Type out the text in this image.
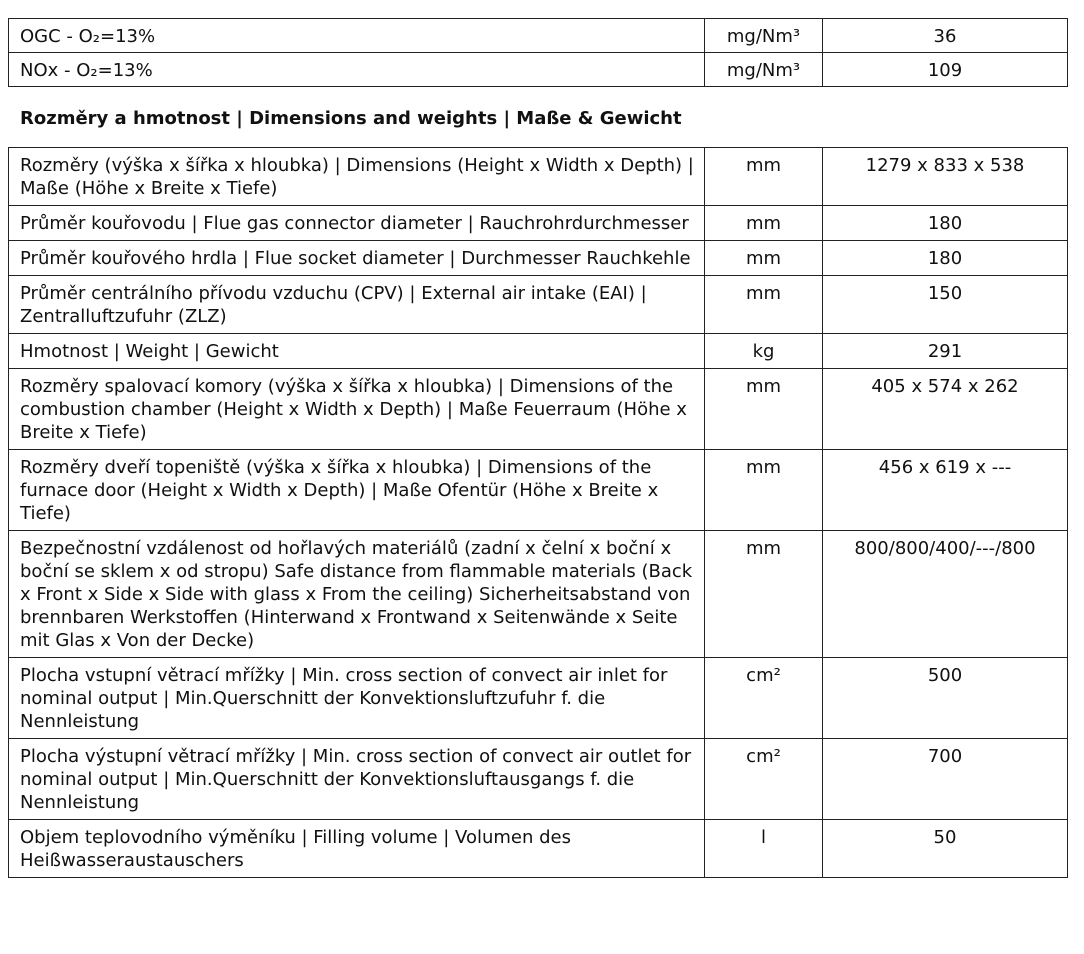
OGC - O₂=13%	mg/Nm³	36
NOx - O₂=13%	mg/Nm³	109
Rozměry a hmotnost | Dimensions and weights | Maße & Gewicht
Rozměry (výška x šířka x hloubka) | Dimensions (Height x Width x Depth) | Maße (Höhe x Breite x Tiefe)	mm	1279 x 833 x 538
Průměr kouřovodu | Flue gas connector diameter | Rauchrohrdurchmesser	mm	180
Průměr kouřového hrdla | Flue socket diameter | Durchmesser Rauchkehle	mm	180
Průměr centrálního přívodu vzduchu (CPV) | External air intake (EAI) | Zentralluftzufuhr (ZLZ)	mm	150
Hmotnost | Weight | Gewicht	kg	291
Rozměry spalovací komory (výška x šířka x hloubka) | Dimensions of the combustion chamber (Height x Width x Depth) | Maße Feuerraum (Höhe x Breite x Tiefe)	mm	405 x 574 x 262
Rozměry dveří topeniště (výška x šířka x hloubka) | Dimensions of the furnace door (Height x Width x Depth) | Maße Ofentür (Höhe x Breite x Tiefe)	mm	456 x 619 x ---
Bezpečnostní vzdálenost od hořlavých materiálů (zadní x čelní x boční x boční se sklem x od stropu) Safe distance from flammable materials (Back x Front x Side x Side with glass x From the ceiling) Sicherheitsabstand von brennbaren Werkstoffen (Hinterwand x Frontwand x Seitenwände x Seite mit Glas x Von der Decke)	mm	800/800/400/---/800
Plocha vstupní větrací mřížky | Min. cross section of convect air inlet for nominal output | Min.Querschnitt der Konvektionsluftzufuhr f. die Nennleistung	cm²	500
Plocha výstupní větrací mřížky | Min. cross section of convect air outlet for nominal output | Min.Querschnitt der Konvektionsluftausgangs f. die Nennleistung	cm²	700
Objem teplovodního výměníku | Filling volume | Volumen des Heißwasseraustauschers	l	50
